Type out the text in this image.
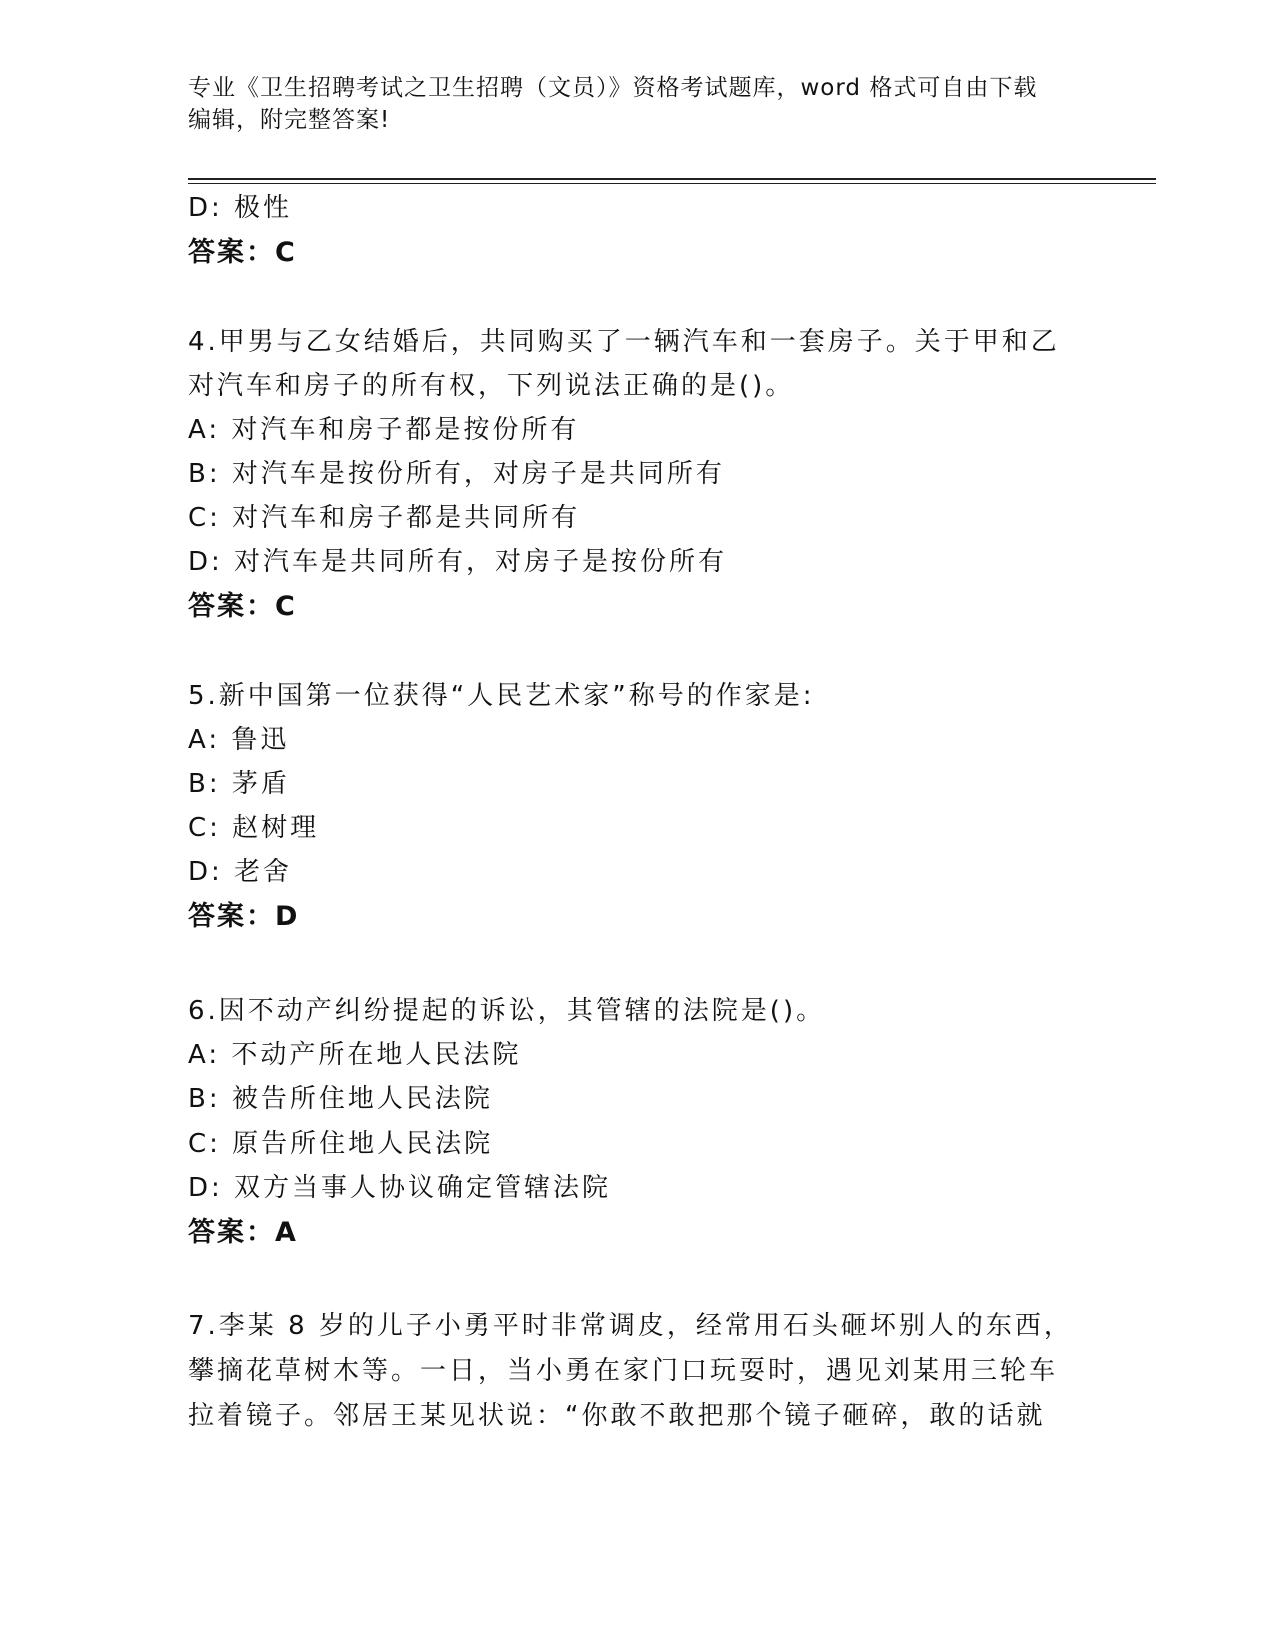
专业《卫生招聘考试之卫生招聘（文员）》资格考试题库，word 格式可自由下载
编辑，附完整答案!
D: 极性
答案：C
4.甲男与乙女结婚后，共同购买了一辆汽车和一套房子。关于甲和乙
对汽车和房子的所有权，下列说法正确的是()。
A: 对汽车和房子都是按份所有
B: 对汽车是按份所有，对房子是共同所有
C: 对汽车和房子都是共同所有
D: 对汽车是共同所有，对房子是按份所有
答案：C
5.新中国第一位获得“人民艺术家”称号的作家是:
A: 鲁迅
B: 茅盾
C: 赵树理
D: 老舍
答案：D
6.因不动产纠纷提起的诉讼，其管辖的法院是()。
A: 不动产所在地人民法院
B: 被告所住地人民法院
C: 原告所住地人民法院
D: 双方当事人协议确定管辖法院
答案：A
7.李某 8 岁的儿子小勇平时非常调皮，经常用石头砸坏别人的东西，
攀摘花草树木等。一日，当小勇在家门口玩耍时，遇见刘某用三轮车
拉着镜子。邻居王某见状说：“你敢不敢把那个镜子砸碎，敢的话就
